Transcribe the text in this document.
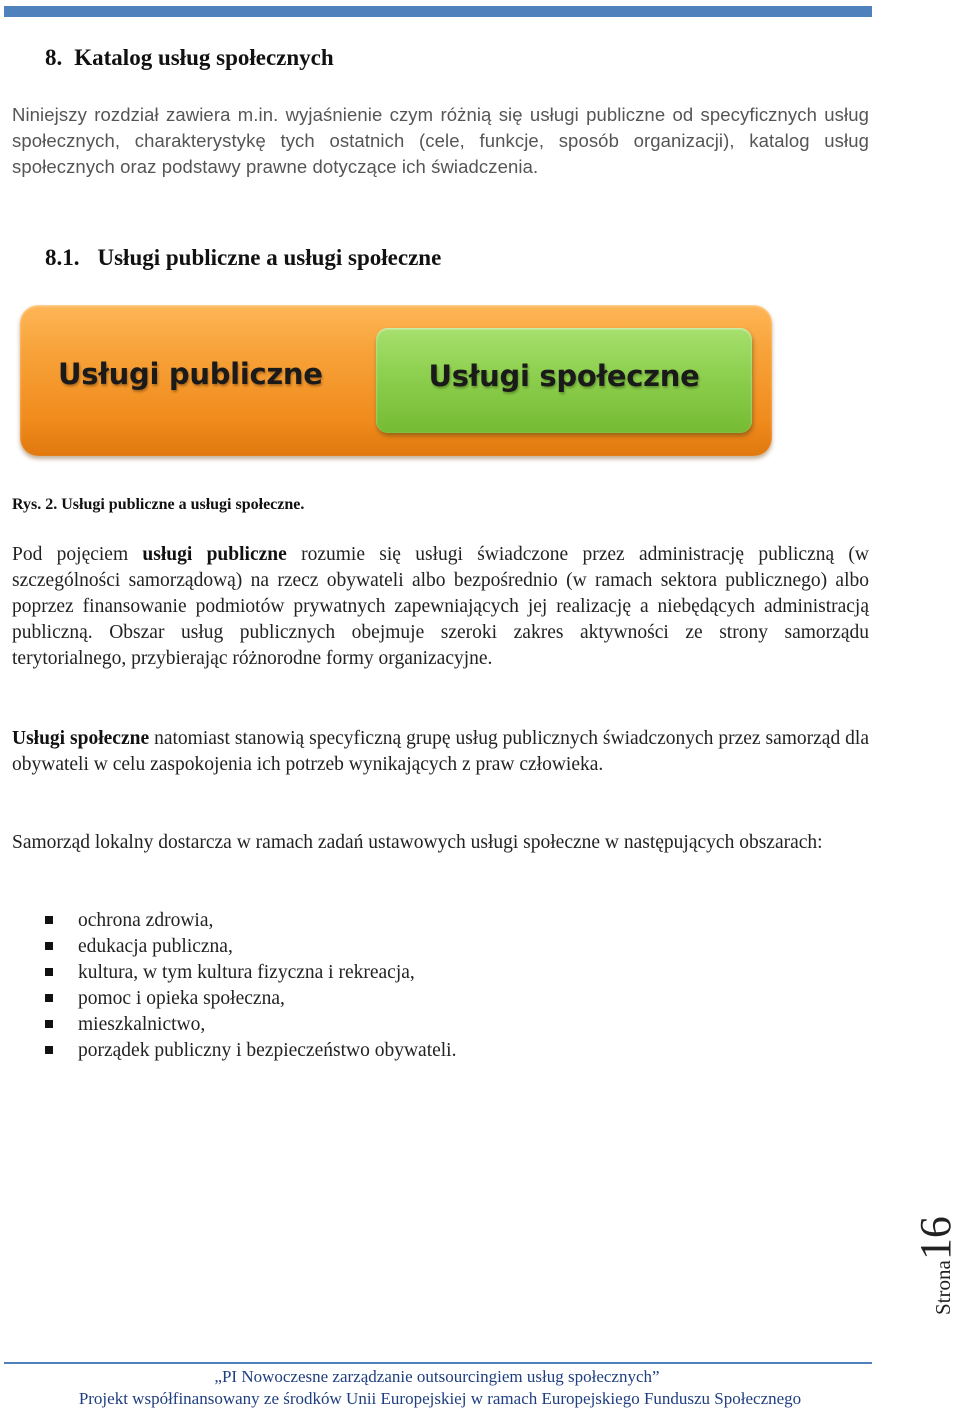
8. Katalog usług społecznych

Niniejszy rozdział zawiera m.in. wyjaśnienie czym różnią się usługi publiczne od specyficznych usług społecznych, charakterystykę tych ostatnich (cele, funkcje, sposób organizacji), katalog usług społecznych oraz podstawy prawne dotyczące ich świadczenia.

8.1. Usługi publiczne a usługi społeczne
Usługi publiczne	Usługi społeczne
Rys. 2. Usługi publiczne a usługi społeczne.

Pod pojęciem usługi publiczne rozumie się usługi świadczone przez administrację publiczną (w szczególności samorządową) na rzecz obywateli albo bezpośrednio (w ramach sektora publicznego) albo poprzez finansowanie podmiotów prywatnych zapewniających jej realizację a niebędących administracją publiczną. Obszar usług publicznych obejmuje szeroki zakres aktywności ze strony samorządu terytorialnego, przybierając różnorodne formy organizacyjne.

Usługi społeczne natomiast stanowią specyficzną grupę usług publicznych świadczonych przez samorząd dla obywateli w celu zaspokojenia ich potrzeb wynikających z praw człowieka.

Samorząd lokalny dostarcza w ramach zadań ustawowych usługi społeczne w następujących obszarach:

ochrona zdrowia,
edukacja publiczna,
kultura, w tym kultura fizyczna i rekreacja,
pomoc i opieka społeczna,
mieszkalnictwo,
porządek publiczny i bezpieczeństwo obywateli.
Strona16
„PI Nowoczesne zarządzanie outsourcingiem usług społecznych”
Projekt współfinansowany ze środków Unii Europejskiej w ramach Europejskiego Funduszu Społecznego
